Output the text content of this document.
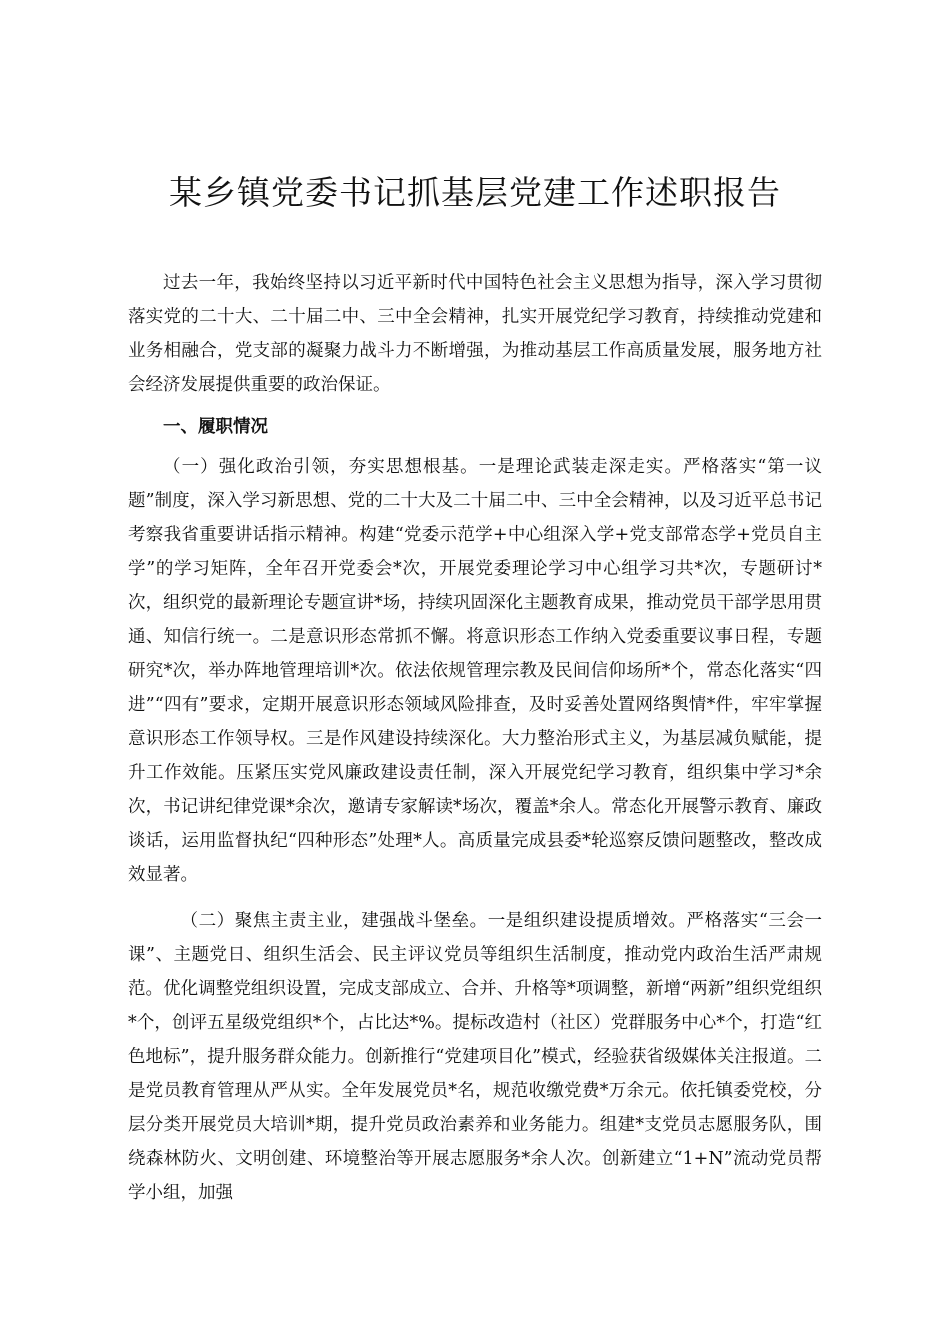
某乡镇党委书记抓基层党建工作述职报告

过去一年，我始终坚持以习近平新时代中国特色社会主义思想为指导，深入学习贯彻落实党的二十大、二十届二中、三中全会精神，扎实开展党纪学习教育，持续推动党建和业务相融合，党支部的凝聚力战斗力不断增强，为推动基层工作高质量发展，服务地方社会经济发展提供重要的政治保证。

一、履职情况

（一）强化政治引领，夯实思想根基。一是理论武装走深走实。严格落实“第一议题”制度，深入学习新思想、党的二十大及二十届二中、三中全会精神，以及习近平总书记考察我省重要讲话指示精神。构建“党委示范学+中心组深入学+党支部常态学+党员自主学”的学习矩阵，全年召开党委会*次，开展党委理论学习中心组学习共*次，专题研讨*次，组织党的最新理论专题宣讲*场，持续巩固深化主题教育成果，推动党员干部学思用贯通、知信行统一。二是意识形态常抓不懈。将意识形态工作纳入党委重要议事日程，专题研究*次，举办阵地管理培训*次。依法依规管理宗教及民间信仰场所*个，常态化落实“四进”“四有”要求，定期开展意识形态领域风险排查，及时妥善处置网络舆情*件，牢牢掌握意识形态工作领导权。三是作风建设持续深化。大力整治形式主义，为基层减负赋能，提升工作效能。压紧压实党风廉政建设责任制，深入开展党纪学习教育，组织集中学习*余次，书记讲纪律党课*余次，邀请专家解读*场次，覆盖*余人。常态化开展警示教育、廉政谈话，运用监督执纪“四种形态”处理*人。高质量完成县委*轮巡察反馈问题整改，整改成效显著。

（二）聚焦主责主业，建强战斗堡垒。一是组织建设提质增效。严格落实“三会一课”、主题党日、组织生活会、民主评议党员等组织生活制度，推动党内政治生活严肃规范。优化调整党组织设置，完成支部成立、合并、升格等*项调整，新增“两新”组织党组织*个，创评五星级党组织*个，占比达*%。提标改造村（社区）党群服务中心*个，打造“红色地标”，提升服务群众能力。创新推行“党建项目化”模式，经验获省级媒体关注报道。二是党员教育管理从严从实。全年发展党员*名，规范收缴党费*万余元。依托镇委党校，分层分类开展党员大培训*期，提升党员政治素养和业务能力。组建*支党员志愿服务队，围绕森林防火、文明创建、环境整治等开展志愿服务*余人次。创新建立“1+N”流动党员帮学小组，加强
